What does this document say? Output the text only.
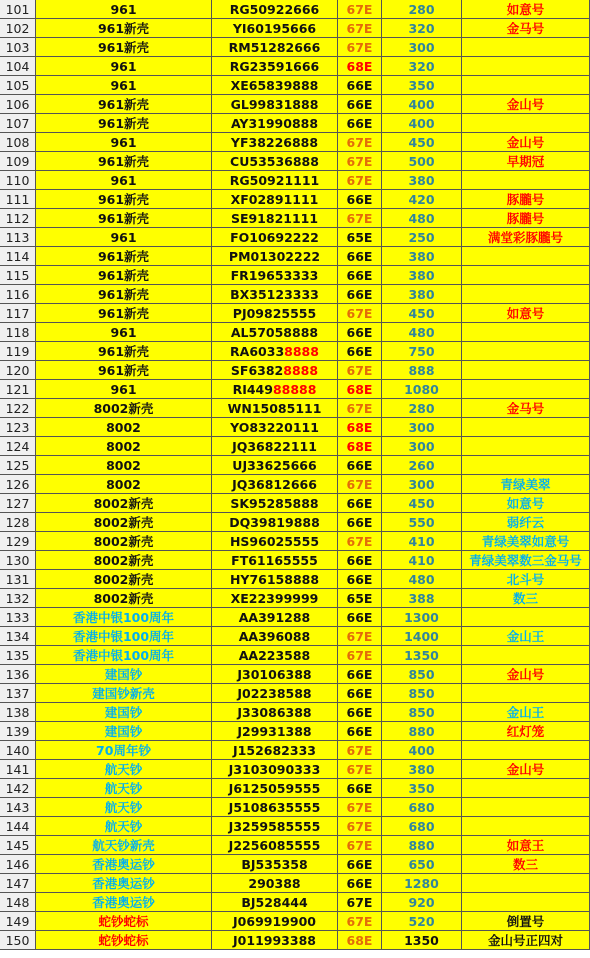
101	961	RG50922666	67E	280	如意号
102	961新壳	YI60195666	67E	320	金马号
103	961新壳	RM51282666	67E	300
104	961	RG23591666	68E	320
105	961	XE65839888	66E	350
106	961新壳	GL99831888	66E	400	金山号
107	961新壳	AY31990888	66E	400
108	961	YF38226888	67E	450	金山号
109	961新壳	CU53536888	67E	500	早期冠
110	961	RG50921111	67E	380
111	961新壳	XF02891111	66E	420	豚朧号
112	961新壳	SE91821111	67E	480	豚朧号
113	961	FO10692222	65E	250	满堂彩豚朧号
114	961新壳	PM01302222	66E	380
115	961新壳	FR19653333	66E	380
116	961新壳	BX35123333	66E	380
117	961新壳	PJ09825555	67E	450	如意号
118	961	AL57058888	66E	480
119	961新壳	RA60338888	66E	750
120	961新壳	SF63828888	67E	888
121	961	RI44988888	68E	1080
122	8002新壳	WN15085111	67E	280	金马号
123	8002	YO83220111	68E	300
124	8002	JQ36822111	68E	300
125	8002	UJ33625666	66E	260
126	8002	JQ36812666	67E	300	青绿美翠
127	8002新壳	SK95285888	66E	450	如意号
128	8002新壳	DQ39819888	66E	550	弱纤云
129	8002新壳	HS96025555	67E	410	青绿美翠如意号
130	8002新壳	FT61165555	66E	410	青绿美翠数三金马号
131	8002新壳	HY76158888	66E	480	北斗号
132	8002新壳	XE22399999	65E	388	数三
133	香港中银100周年	AA391288	66E	1300
134	香港中银100周年	AA396088	67E	1400	金山王
135	香港中银100周年	AA223588	67E	1350
136	建国钞	J30106388	66E	850	金山号
137	建国钞新壳	J02238588	66E	850
138	建国钞	J33086388	66E	850	金山王
139	建国钞	J29931388	66E	880	红灯笼
140	70周年钞	J152682333	67E	400
141	航天钞	J3103090333	67E	380	金山号
142	航天钞	J6125059555	66E	350
143	航天钞	J5108635555	67E	680
144	航天钞	J3259585555	67E	680
145	航天钞新壳	J2256085555	67E	880	如意王
146	香港奥运钞	BJ535358	66E	650	数三
147	香港奥运钞	290388	66E	1280
148	香港奥运钞	BJ528444	67E	920
149	蛇钞蛇标	J069919900	67E	520	倒置号
150	蛇钞蛇标	J011993388	68E	1350	金山号正四对
